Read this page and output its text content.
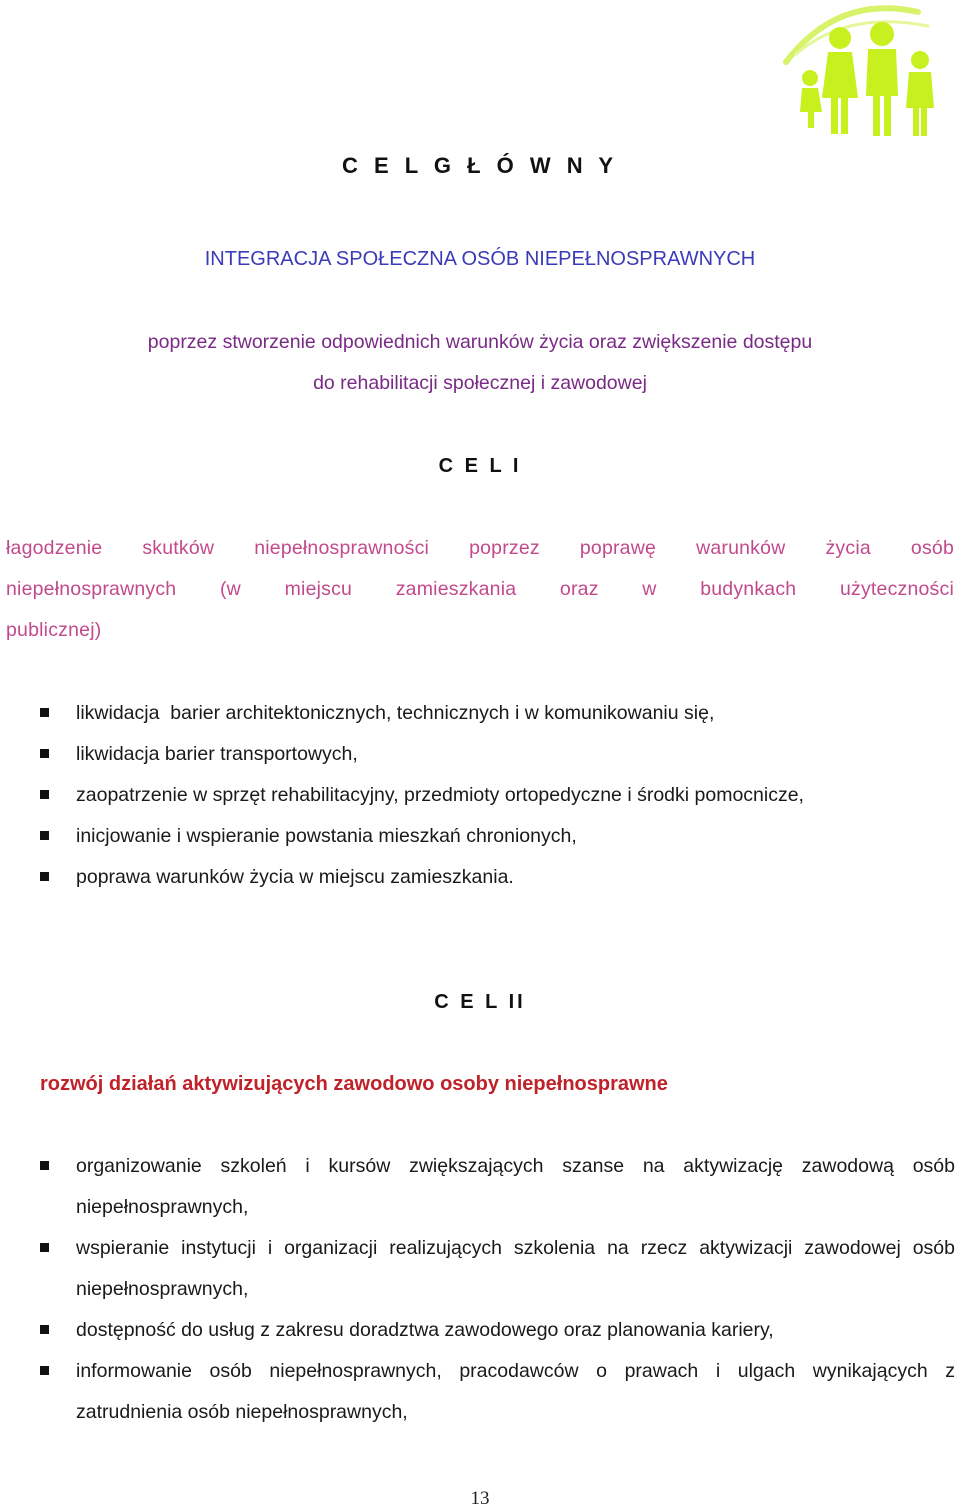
C E L G Ł Ó W N Y
INTEGRACJA SPOŁECZNA OSÓB NIEPEŁNOSPRAWNYCH
poprzez stworzenie odpowiednich warunków życia oraz zwiększenie dostępu
do rehabilitacji społecznej i zawodowej
C E L I
łagodzenie skutków niepełnosprawności poprzez poprawę warunków życia osób
niepełnosprawnych (w miejscu zamieszkania oraz w budynkach użyteczności
publicznej)
likwidacja  barier architektonicznych, technicznych i w komunikowaniu się,
likwidacja barier transportowych,
zaopatrzenie w sprzęt rehabilitacyjny, przedmioty ortopedyczne i środki pomocnicze,
inicjowanie i wspieranie powstania mieszkań chronionych,
poprawa warunków życia w miejscu zamieszkania.
C E L II
rozwój działań aktywizujących zawodowo osoby niepełnosprawne
organizowanie szkoleń i kursów zwiększających szanse na aktywizację zawodową osób niepełnosprawnych,
wspieranie instytucji i organizacji realizujących szkolenia na rzecz aktywizacji zawodowej osób niepełnosprawnych,
dostępność do usług z zakresu doradztwa zawodowego oraz planowania kariery,
informowanie osób niepełnosprawnych, pracodawców o prawach i ulgach wynikających z zatrudnienia osób niepełnosprawnych,
13
